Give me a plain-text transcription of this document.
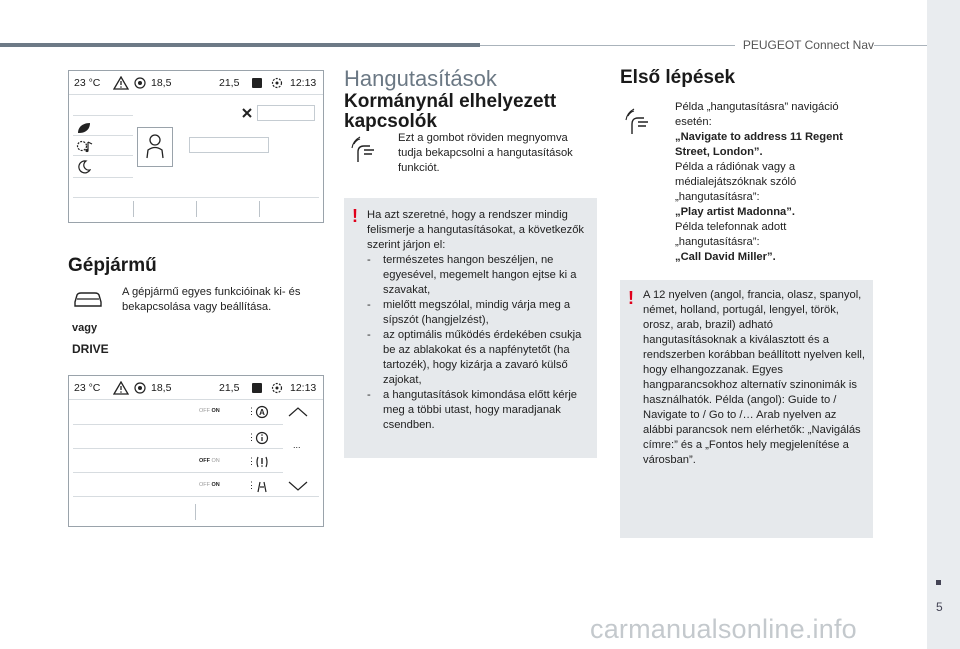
PEUGEOT Connect Nav
23 °C	18,5	21,5	12:13
Gépjármű
A gépjármű egyes funkcióinak ki- és bekapcsolása vagy beállítása.
vagy
DRIVE
23 °C	18,5	21,5	12:13
OFF ON	⋮ A
⋮
OFF ON	⋮
OFF ON	⋮
...
Hangutasítások
Kormánynál elhelyezett kapcsolók
Ezt a gombot röviden megnyomva tudja bekapcsolni a hangutasítások funkciót.
! Ha azt szeretné, hogy a rendszer mindig felismerje a hangutasításokat, a következők szerint járjon el:
- természetes hangon beszéljen, ne egyesével, megemelt hangon ejtse ki a szavakat,
- mielőtt megszólal, mindig várja meg a sípszót (hangjelzést),
- az optimális működés érdekében csukja be az ablakokat és a napfénytetőt (ha tartozék), hogy kizárja a zavaró külső zajokat,
- a hangutasítások kimondása előtt kérje meg a többi utast, hogy maradjanak csendben.
Első lépések
Példa „hangutasításra” navigáció esetén:
„Navigate to address 11 Regent Street, London”.
Példa a rádiónak vagy a médialejátszóknak szóló „hangutasításra”:
„Play artist Madonna”.
Példa telefonnak adott „hangutasításra”:
„Call David Miller”.
! A 12 nyelven (angol, francia, olasz, spanyol, német, holland, portugál, lengyel, török, orosz, arab, brazil) adható hangutasításoknak a kiválasztott és a rendszerben korábban beállított nyelven kell, hogy elhangozzanak. Egyes hangparancsokhoz alternatív szinonimák is használhatók. Példa (angol): Guide to / Navigate to / Go to /… Arab nyelven az alábbi parancsok nem elérhetők: „Navigálás címre:” és a „Fontos hely megjelenítése a városban”.
5
carmanualsonline.info
